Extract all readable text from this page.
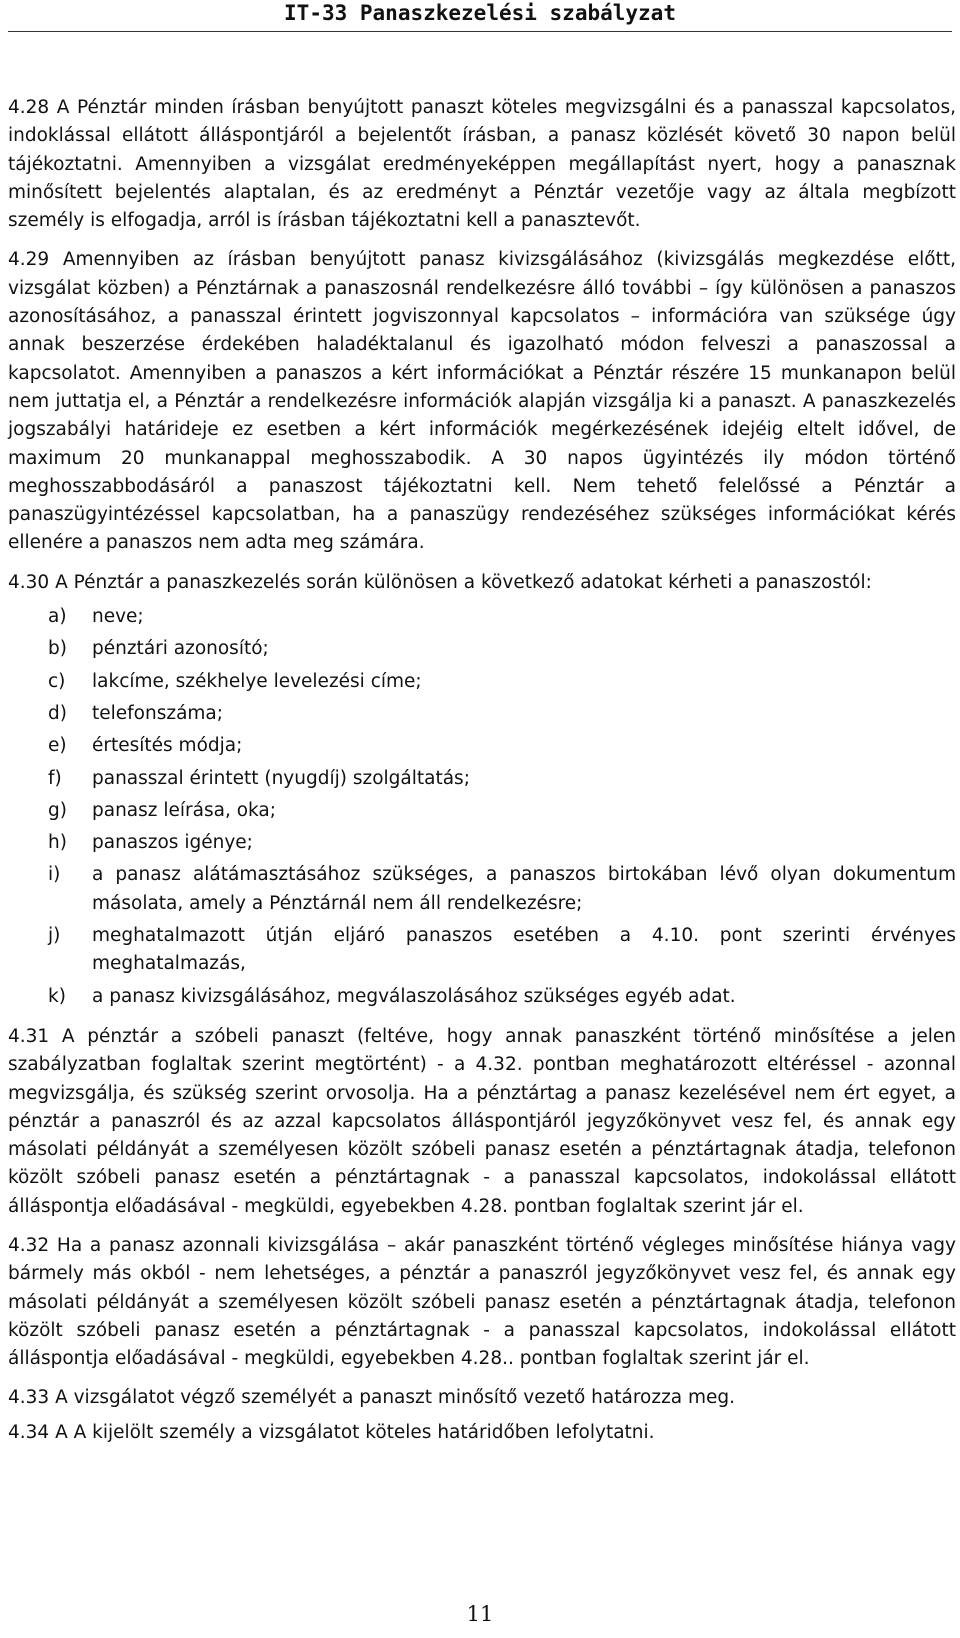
IT-33 Panaszkezelési szabályzat

4.28 A Pénztár minden írásban benyújtott panaszt köteles megvizsgálni és a panasszal kapcsolatos, indoklással ellátott álláspontjáról a bejelentőt írásban, a panasz közlését követő 30 napon belül tájékoztatni. Amennyiben a vizsgálat eredményeképpen megállapítást nyert, hogy a panasznak minősített bejelentés alaptalan, és az eredményt a Pénztár vezetője vagy az általa megbízott személy is elfogadja, arról is írásban tájékoztatni kell a panasztevőt.

4.29 Amennyiben az írásban benyújtott panasz kivizsgálásához (kivizsgálás megkezdése előtt, vizsgálat közben) a Pénztárnak a panaszosnál rendelkezésre álló további – így különösen a panaszos azonosításához, a panasszal érintett jogviszonnyal kapcsolatos – információra van szüksége úgy annak beszerzése érdekében haladéktalanul és igazolható módon felveszi a panaszossal a kapcsolatot. Amennyiben a panaszos a kért információkat a Pénztár részére 15 munkanapon belül nem juttatja el, a Pénztár a rendelkezésre információk alapján vizsgálja ki a panaszt. A panaszkezelés jogszabályi határideje ez esetben a kért információk megérkezésének idejéig eltelt idővel, de maximum 20 munkanappal meghosszabodik. A 30 napos ügyintézés ily módon történő meghosszabbodásáról a panaszost tájékoztatni kell. Nem tehető felelőssé a Pénztár a panaszügyintézéssel kapcsolatban, ha a panaszügy rendezéséhez szükséges információkat kérés ellenére a panaszos nem adta meg számára.

4.30 A Pénztár a panaszkezelés során különösen a következő adatokat kérheti a panaszostól:

a)	neve;
b)	pénztári azonosító;
c)	lakcíme, székhelye levelezési címe;
d)	telefonszáma;
e)	értesítés módja;
f)	panasszal érintett (nyugdíj) szolgáltatás;
g)	panasz leírása, oka;
h)	panaszos igénye;
i)	a panasz alátámasztásához szükséges, a panaszos birtokában lévő olyan dokumentum másolata, amely a Pénztárnál nem áll rendelkezésre;
j)	meghatalmazott útján eljáró panaszos esetében a 4.10. pont szerinti érvényes meghatalmazás,
k)	a panasz kivizsgálásához, megválaszolásához szükséges egyéb adat.

4.31 A pénztár a szóbeli panaszt (feltéve, hogy annak panaszként történő minősítése a jelen szabályzatban foglaltak szerint megtörtént) - a 4.32. pontban meghatározott eltéréssel - azonnal megvizsgálja, és szükség szerint orvosolja. Ha a pénztártag a panasz kezelésével nem ért egyet, a pénztár a panaszról és az azzal kapcsolatos álláspontjáról jegyzőkönyvet vesz fel, és annak egy másolati példányát a személyesen közölt szóbeli panasz esetén a pénztártagnak átadja, telefonon közölt szóbeli panasz esetén a pénztártagnak - a panasszal kapcsolatos, indokolással ellátott álláspontja előadásával - megküldi, egyebekben 4.28. pontban foglaltak szerint jár el.

4.32 Ha a panasz azonnali kivizsgálása – akár panaszként történő végleges minősítése hiánya vagy bármely más okból - nem lehetséges, a pénztár a panaszról jegyzőkönyvet vesz fel, és annak egy másolati példányát a személyesen közölt szóbeli panasz esetén a pénztártagnak átadja, telefonon közölt szóbeli panasz esetén a pénztártagnak - a panasszal kapcsolatos, indokolással ellátott álláspontja előadásával - megküldi, egyebekben 4.28.. pontban foglaltak szerint jár el.

4.33 A vizsgálatot végző személyét a panaszt minősítő vezető határozza meg.

4.34 A A kijelölt személy a vizsgálatot köteles határidőben lefolytatni.

11
